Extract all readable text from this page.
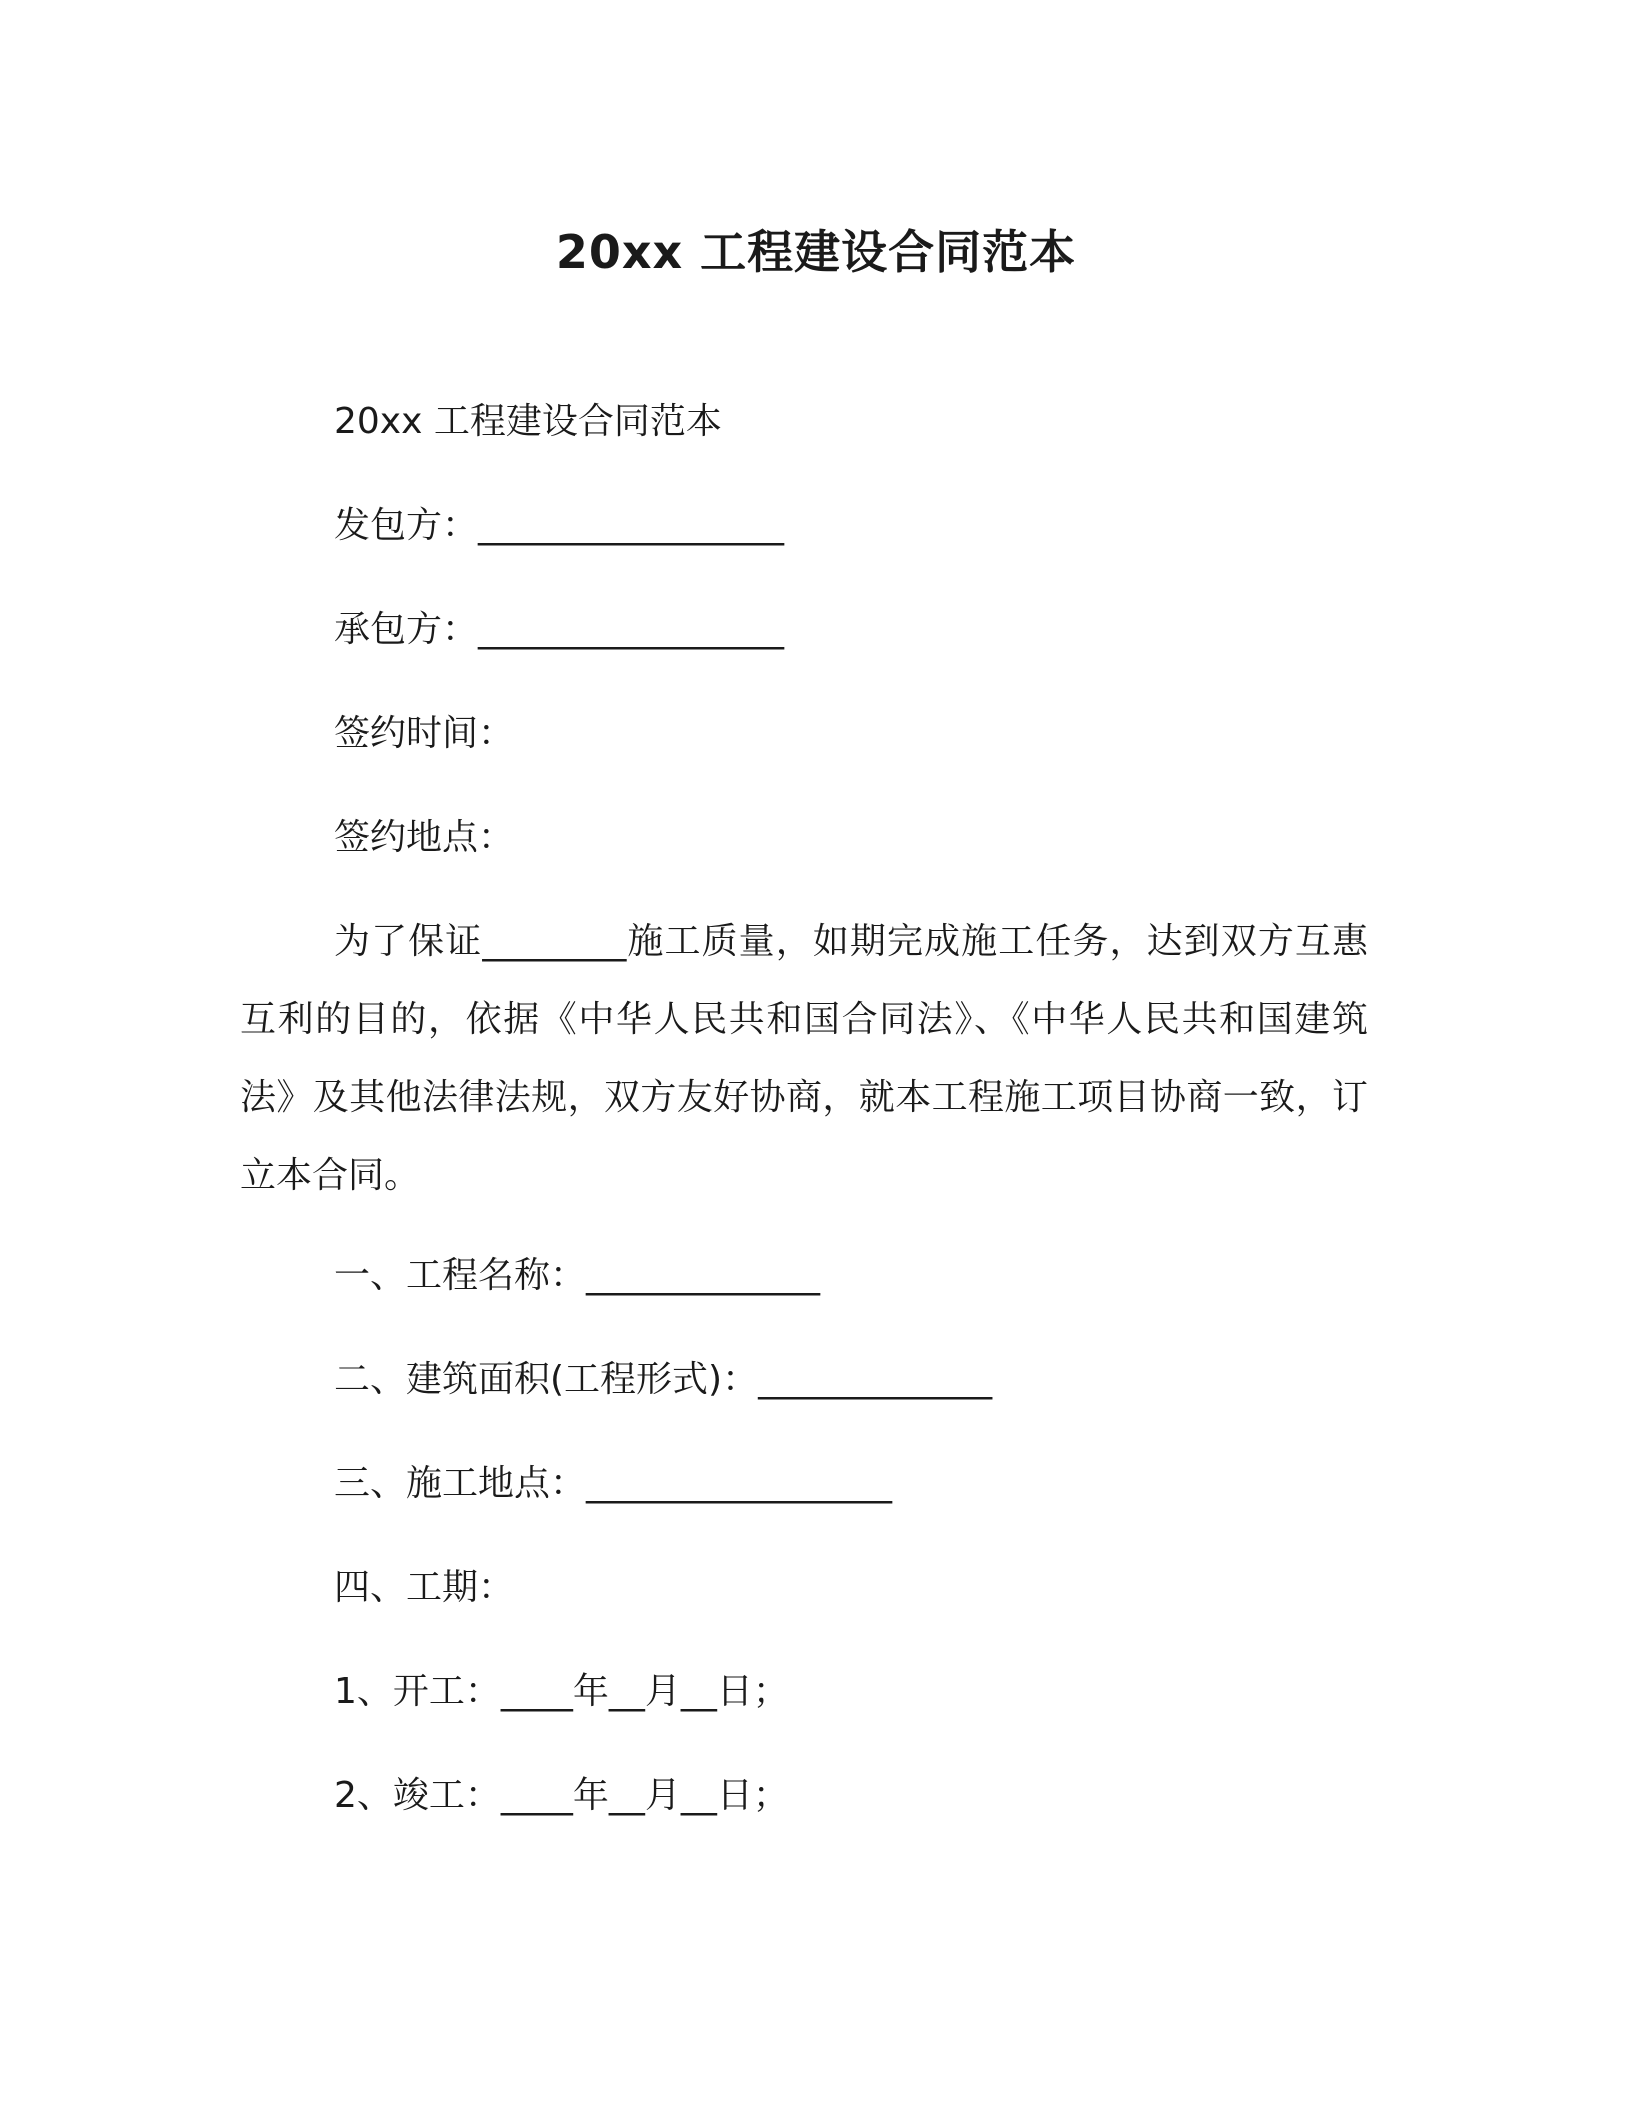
20xx 工程建设合同范本
20xx 工程建设合同范本
发包方：_________________
承包方：_________________
签约时间：
签约地点：

为了保证________施工质量，如期完成施工任务，达到双方互惠互利的目的，依据《中华人民共和国合同法》、《中华人民共和国建筑法》及其他法律法规，双方友好协商，就本工程施工项目协商一致，订立本合同。

一、工程名称：_____________
二、建筑面积(工程形式)：_____________
三、施工地点：_________________
四、工期：
1、开工：____年__月__日；
2、竣工：____年__月__日；
